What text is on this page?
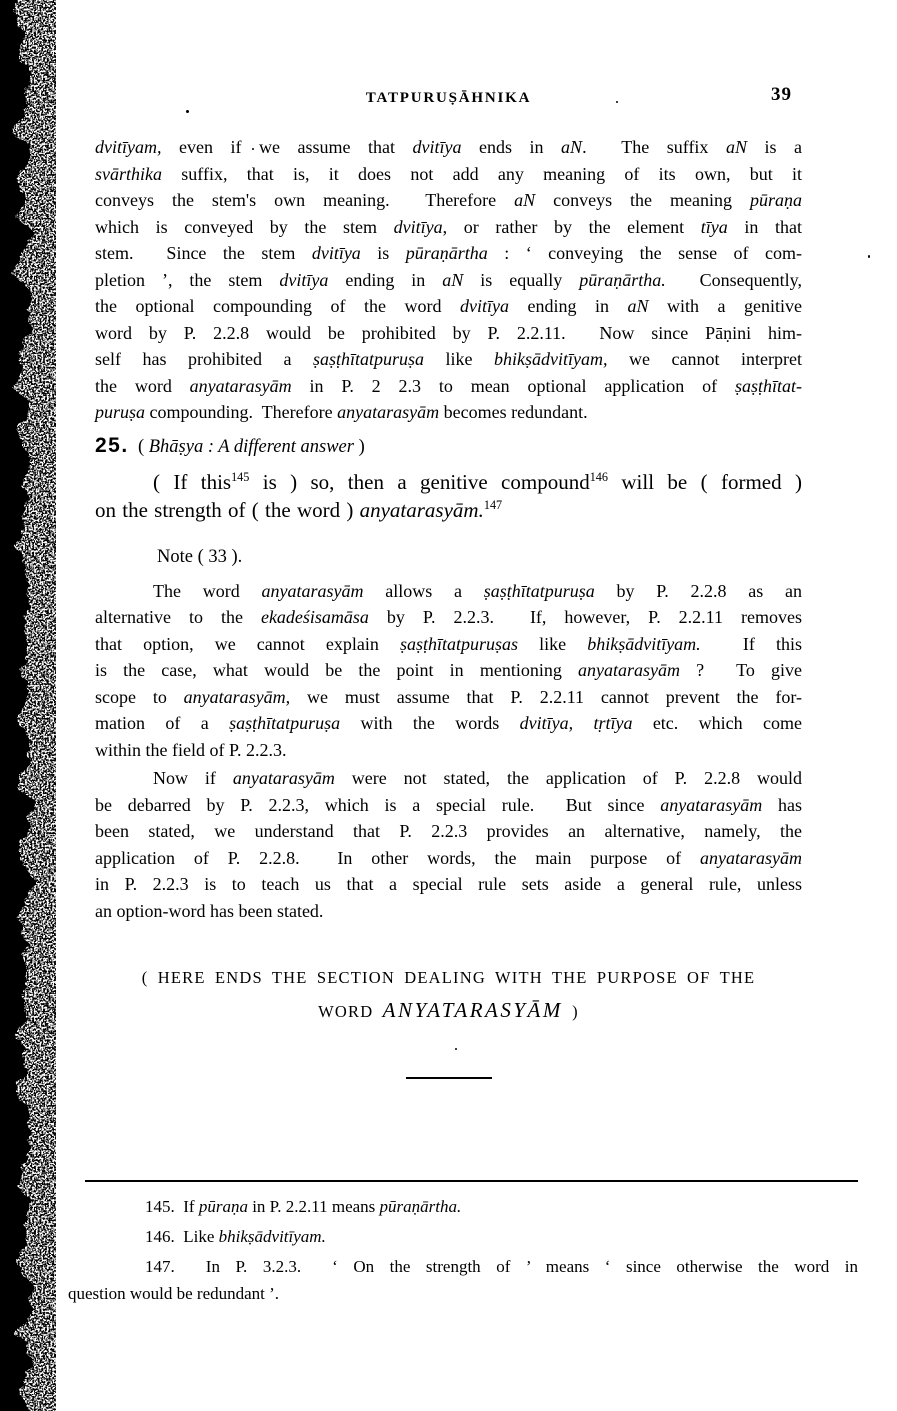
TATPURUṢĀHNIKA	39
dvitīyam, even if we assume that dvitīya ends in aN.  The suffix aN is a
svārthika suffix, that is, it does not add any meaning of its own, but it
conveys the stem's own meaning.  Therefore aN conveys the meaning pūraṇa
which is conveyed by the stem dvitīya, or rather by the element tīya in that
stem.  Since the stem dvitīya is pūraṇārtha : ‘ conveying the sense of com-
pletion ’, the stem dvitīya ending in aN is equally pūraṇārtha.  Consequently,
the optional compounding of the word dvitīya ending in aN with a genitive
word by P. 2.2.8 would be prohibited by P. 2.2.11.  Now since Pāṇini him-
self has prohibited a ṣaṣṭhītatpuruṣa like bhikṣādvitīyam, we cannot interpret
the word anyatarasyām in P. 2 2.3 to mean optional application of ṣaṣṭhītat-
puruṣa compounding.  Therefore anyatarasyām becomes redundant.
25.  ( Bhāṣya : A different answer )
( If this$^{145}$ is ) so, then a genitive compound$^{146}$ will be ( formed )
on the strength of ( the word ) anyatarasyām.$^{147}$
Note ( 33 ).
The word anyatarasyām allows a ṣaṣṭhītatpuruṣa by P. 2.2.8 as an
alternative to the ekadeśisamāsa by P. 2.2.3.  If, however, P. 2.2.11 removes
that option, we cannot explain ṣaṣṭhītatpuruṣas like bhikṣādvitīyam.  If this
is the case, what would be the point in mentioning anyatarasyām ?  To give
scope to anyatarasyām, we must assume that P. 2.2.11 cannot prevent the for-
mation of a ṣaṣṭhītatpuruṣa with the words dvitīya, tṛtīya etc. which come
within the field of P. 2.2.3.
Now if anyatarasyām were not stated, the application of P. 2.2.8 would
be debarred by P. 2.2.3, which is a special rule.  But since anyatarasyām has
been stated, we understand that P. 2.2.3 provides an alternative, namely, the
application of P. 2.2.8.  In other words, the main purpose of anyatarasyām
in P. 2.2.3 is to teach us that a special rule sets aside a general rule, unless
an option-word has been stated.
( HERE ENDS THE SECTION DEALING WITH THE PURPOSE OF THE
WORD ANYATARASYĀM )
145.  If pūraṇa in P. 2.2.11 means pūraṇārtha.
146.  Like bhikṣādvitīyam.
147.  In P. 3.2.3.  ‘ On the strength of ’ means ‘ since otherwise the word in
question would be redundant ’.
